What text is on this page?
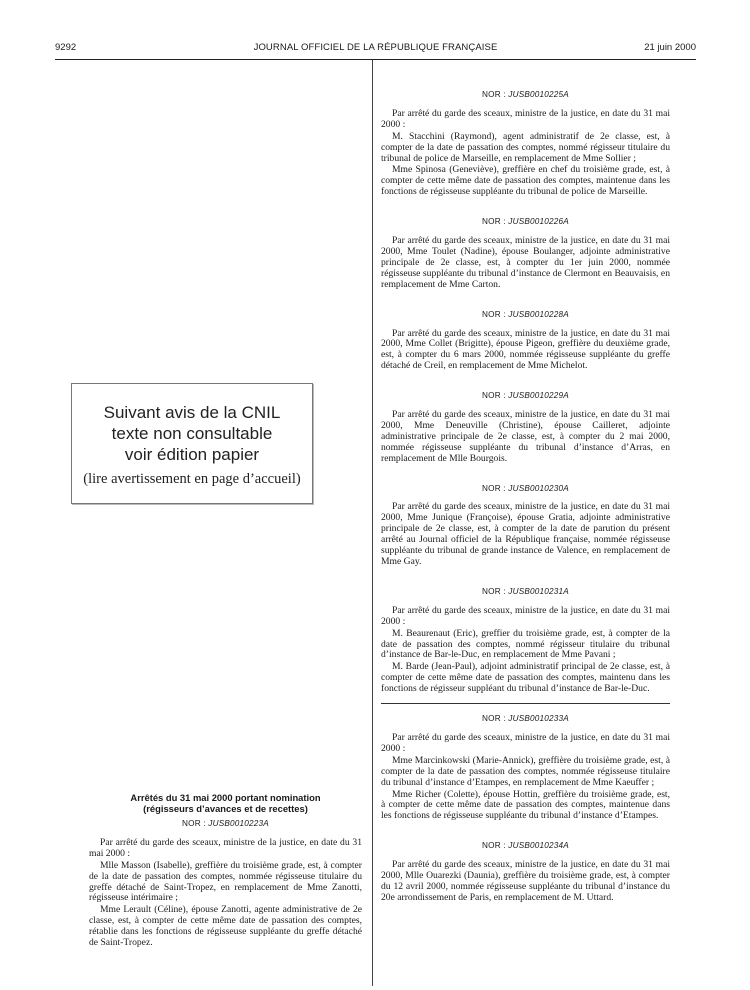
9292	JOURNAL OFFICIEL DE LA RÉPUBLIQUE FRANÇAISE	21 juin 2000
Suivant avis de la CNIL
texte non consultable
voir édition papier
(lire avertissement en page d’accueil)
Arrêtés du 31 mai 2000 portant nomination
(régisseurs d’avances et de recettes)
NOR : JUSB0010223A

Par arrêté du garde des sceaux, ministre de la justice, en date du 31 mai 2000 :

Mlle Masson (Isabelle), greffière du troisième grade, est, à compter de la date de passation des comptes, nommée régisseuse titulaire du greffe détaché de Saint-Tropez, en remplacement de Mme Zanotti, régisseuse intérimaire ;

Mme Lerault (Céline), épouse Zanotti, agente administrative de 2e classe, est, à compter de cette même date de passation des comptes, rétablie dans les fonctions de régisseuse suppléante du greffe détaché de Saint-Tropez.

NOR : JUSB0010225A

Par arrêté du garde des sceaux, ministre de la justice, en date du 31 mai 2000 :

M. Stacchini (Raymond), agent administratif de 2e classe, est, à compter de la date de passation des comptes, nommé régisseur titulaire du tribunal de police de Marseille, en remplacement de Mme Sollier ;

Mme Spinosa (Geneviève), greffière en chef du troisième grade, est, à compter de cette même date de passation des comptes, maintenue dans les fonctions de régisseuse suppléante du tribunal de police de Marseille.

NOR : JUSB0010226A

Par arrêté du garde des sceaux, ministre de la justice, en date du 31 mai 2000, Mme Toulet (Nadine), épouse Boulanger, adjointe administrative principale de 2e classe, est, à compter du 1er juin 2000, nommée régisseuse suppléante du tribunal d’instance de Clermont en Beauvaisis, en remplacement de Mme Carton.

NOR : JUSB0010228A

Par arrêté du garde des sceaux, ministre de la justice, en date du 31 mai 2000, Mme Collet (Brigitte), épouse Pigeon, greffière du deuxième grade, est, à compter du 6 mars 2000, nommée régisseuse suppléante du greffe détaché de Creil, en remplacement de Mme Michelot.

NOR : JUSB0010229A

Par arrêté du garde des sceaux, ministre de la justice, en date du 31 mai 2000, Mme Deneuville (Christine), épouse Cailleret, adjointe administrative principale de 2e classe, est, à compter du 2 mai 2000, nommée régisseuse suppléante du tribunal d’instance d’Arras, en remplacement de Mlle Bourgois.

NOR : JUSB0010230A

Par arrêté du garde des sceaux, ministre de la justice, en date du 31 mai 2000, Mme Junique (Françoise), épouse Gratia, adjointe administrative principale de 2e classe, est, à compter de la date de parution du présent arrêté au Journal officiel de la République française, nommée régisseuse suppléante du tribunal de grande instance de Valence, en remplacement de Mme Gay.

NOR : JUSB0010231A

Par arrêté du garde des sceaux, ministre de la justice, en date du 31 mai 2000 :

M. Beaurenaut (Eric), greffier du troisième grade, est, à compter de la date de passation des comptes, nommé régisseur titulaire du tribunal d’instance de Bar-le-Duc, en remplacement de Mme Pavani ;

M. Barde (Jean-Paul), adjoint administratif principal de 2e classe, est, à compter de cette même date de passation des comptes, maintenu dans les fonctions de régisseur suppléant du tribunal d’instance de Bar-le-Duc.

NOR : JUSB0010233A

Par arrêté du garde des sceaux, ministre de la justice, en date du 31 mai 2000 :

Mme Marcinkowski (Marie-Annick), greffière du troisième grade, est, à compter de la date de passation des comptes, nommée régisseuse titulaire du tribunal d’instance d’Etampes, en remplacement de Mme Kaeuffer ;

Mme Richer (Colette), épouse Hottin, greffière du troisième grade, est, à compter de cette même date de passation des comptes, maintenue dans les fonctions de régisseuse suppléante du tribunal d’instance d’Etampes.

NOR : JUSB0010234A

Par arrêté du garde des sceaux, ministre de la justice, en date du 31 mai 2000, Mlle Ouarezki (Daunia), greffière du troisième grade, est, à compter du 12 avril 2000, nommée régisseuse suppléante du tribunal d’instance du 20e arrondissement de Paris, en remplacement de M. Uttard.
